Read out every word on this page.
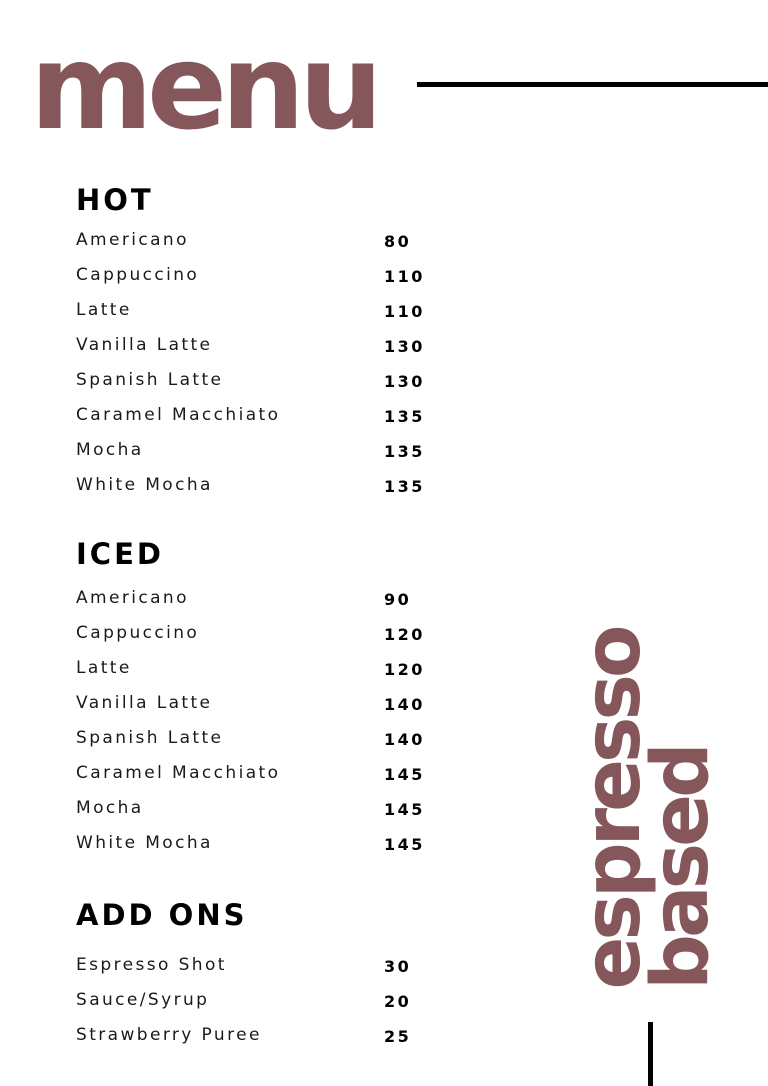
menu
HOT
Americano	80
Cappuccino	110
Latte	110
Vanilla Latte	130
Spanish Latte	130
Caramel Macchiato	135
Mocha	135
White Mocha	135
ICED
Americano	90
Cappuccino	120
Latte	120
Vanilla Latte	140
Spanish Latte	140
Caramel Macchiato	145
Mocha	145
White Mocha	145
ADD ONS
Espresso Shot	30
Sauce/Syrup	20
Strawberry Puree	25
espresso
based
